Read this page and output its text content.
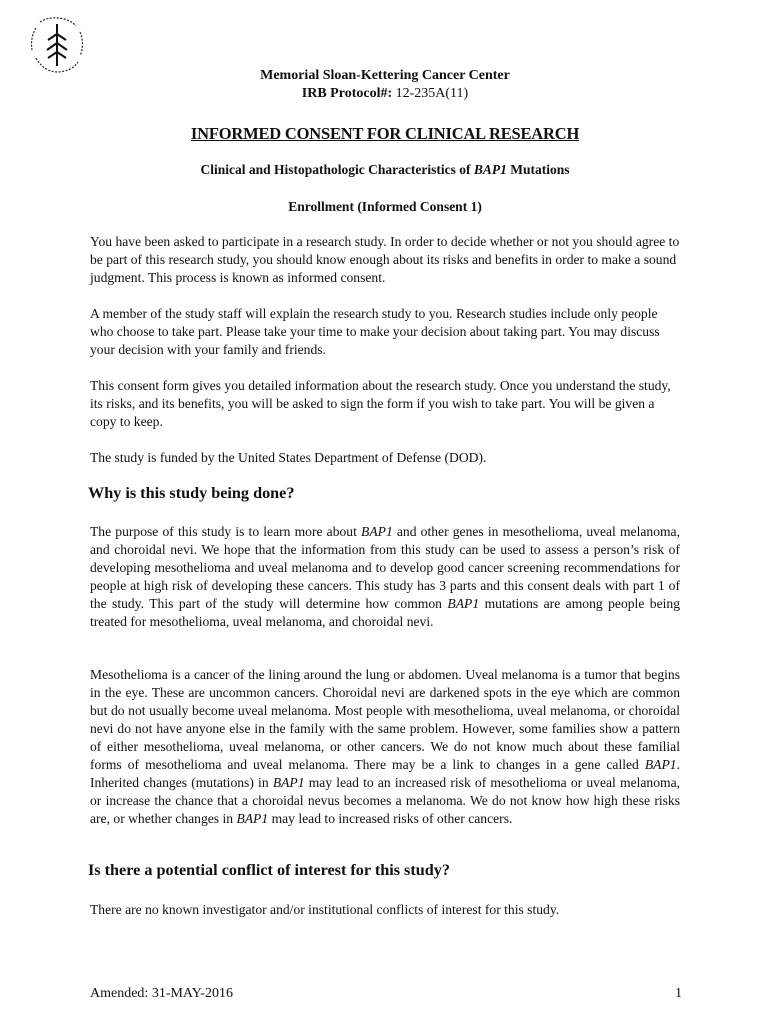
Memorial Sloan-Kettering Cancer Center
IRB Protocol#: 12-235A(11)
INFORMED CONSENT FOR CLINICAL RESEARCH
Clinical and Histopathologic Characteristics of BAP1 Mutations
Enrollment (Informed Consent 1)

You have been asked to participate in a research study. In order to decide whether or not you should agree to be part of this research study, you should know enough about its risks and benefits in order to make a sound judgment. This process is known as informed consent.

A member of the study staff will explain the research study to you. Research studies include only people who choose to take part. Please take your time to make your decision about taking part. You may discuss your decision with your family and friends.

This consent form gives you detailed information about the research study. Once you understand the study, its risks, and its benefits, you will be asked to sign the form if you wish to take part. You will be given a copy to keep.

The study is funded by the United States Department of Defense (DOD).

Why is this study being done?

The purpose of this study is to learn more about BAP1 and other genes in mesothelioma, uveal melanoma, and choroidal nevi. We hope that the information from this study can be used to assess a person’s risk of developing mesothelioma and uveal melanoma and to develop good cancer screening recommendations for people at high risk of developing these cancers. This study has 3 parts and this consent deals with part 1 of the study. This part of the study will determine how common BAP1 mutations are among people being treated for mesothelioma, uveal melanoma, and choroidal nevi.

Mesothelioma is a cancer of the lining around the lung or abdomen. Uveal melanoma is a tumor that begins in the eye. These are uncommon cancers. Choroidal nevi are darkened spots in the eye which are common but do not usually become uveal melanoma. Most people with mesothelioma, uveal melanoma, or choroidal nevi do not have anyone else in the family with the same problem. However, some families show a pattern of either mesothelioma, uveal melanoma, or other cancers. We do not know much about these familial forms of mesothelioma and uveal melanoma. There may be a link to changes in a gene called BAP1. Inherited changes (mutations) in BAP1 may lead to an increased risk of mesothelioma or uveal melanoma, or increase the chance that a choroidal nevus becomes a melanoma. We do not know how high these risks are, or whether changes in BAP1 may lead to increased risks of other cancers.

Is there a potential conflict of interest for this study?

There are no known investigator and/or institutional conflicts of interest for this study.

Amended: 31-MAY-2016	1
